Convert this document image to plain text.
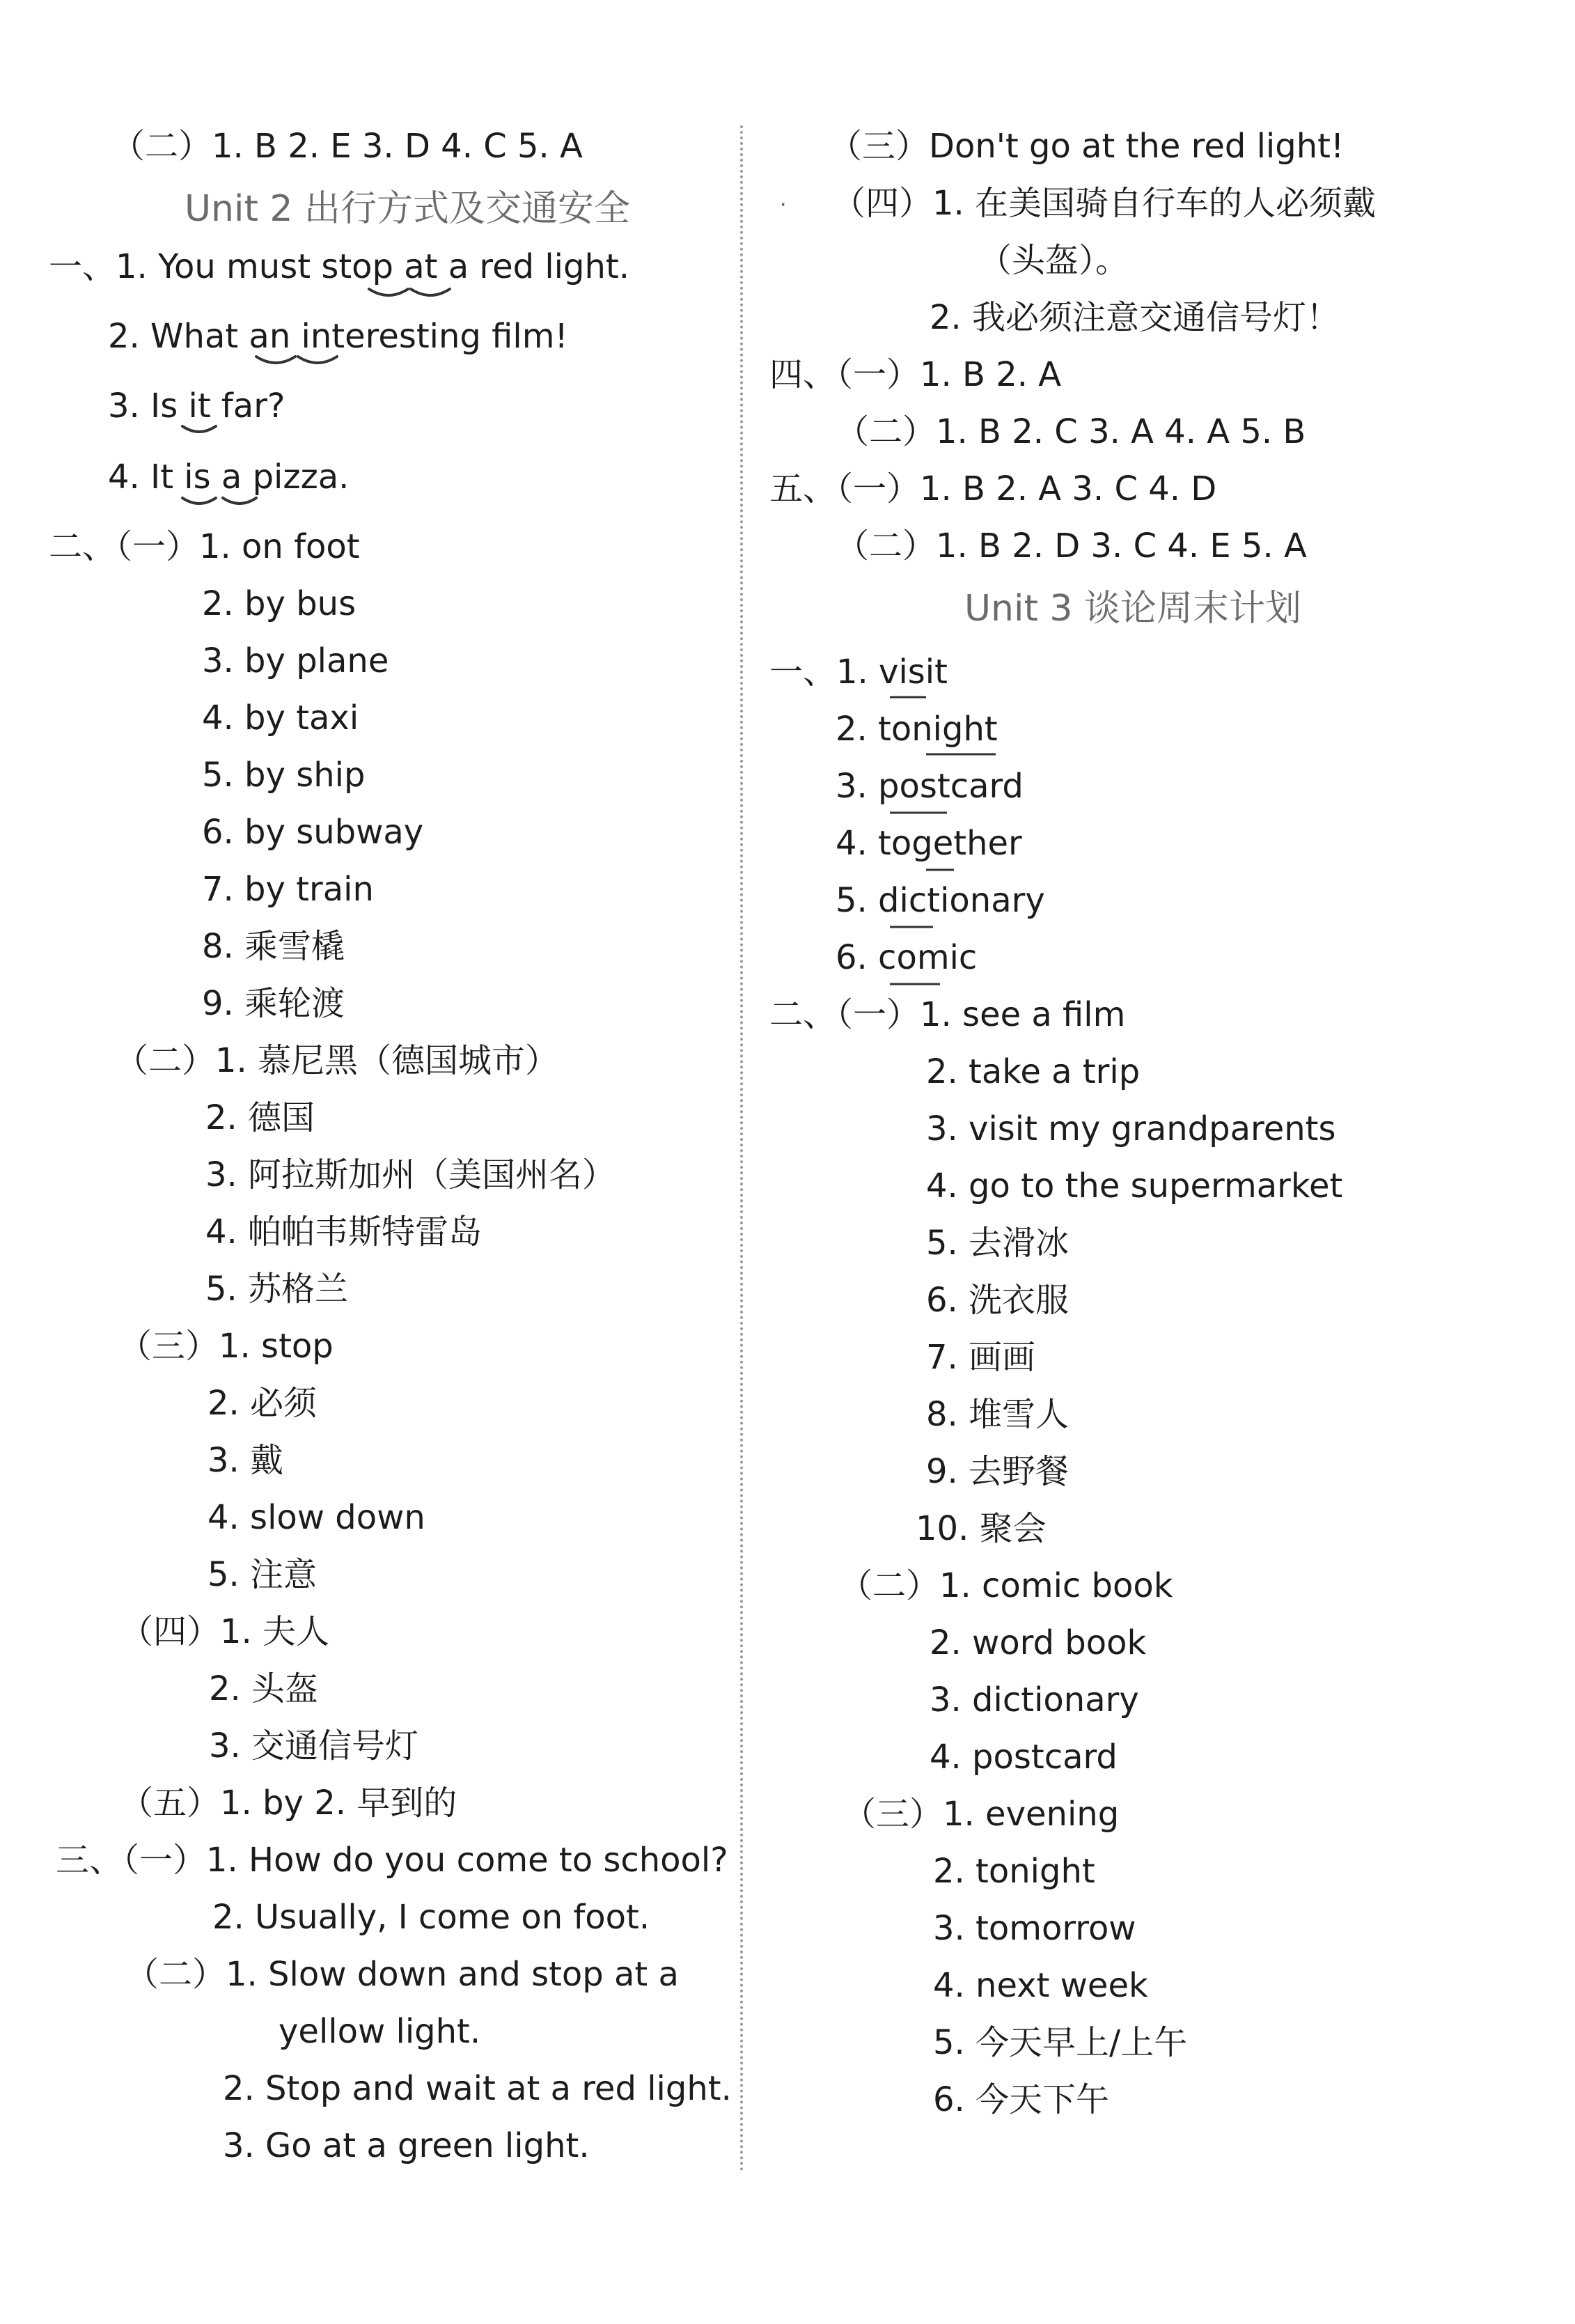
（二）1. B 2. E 3. D 4. C 5. A
Unit 2 出行方式及交通安全
一、1. You must stop at a red light.
2. What an interesting film!
3. Is it far?
4. It is a pizza.
二、（一）1. on foot
2. by bus
3. by plane
4. by taxi
5. by ship
6. by subway
7. by train
8. 乘雪橇
9. 乘轮渡
（二）1. 慕尼黑（德国城市）
2. 德国
3. 阿拉斯加州（美国州名）
4. 帕帕韦斯特雷岛
5. 苏格兰
（三）1. stop
2. 必须
3. 戴
4. slow down
5. 注意
（四）1. 夫人
2. 头盔
3. 交通信号灯
（五）1. by 2. 早到的
三、（一）1. How do you come to school?
2. Usually, I come on foot.
（二）1. Slow down and stop at a
yellow light.
2. Stop and wait at a red light.
3. Go at a green light.
（三）Don't go at the red light!
· （四）1. 在美国骑自行车的人必须戴
（头盔）。
2. 我必须注意交通信号灯！
四、（一）1. B 2. A
（二）1. B 2. C 3. A 4. A 5. B
五、（一）1. B 2. A 3. C 4. D
（二）1. B 2. D 3. C 4. E 5. A
Unit 3 谈论周末计划
一、1. visit
2. tonight
3. postcard
4. together
5. dictionary
6. comic
二、（一）1. see a film
2. take a trip
3. visit my grandparents
4. go to the supermarket
5. 去滑冰
6. 洗衣服
7. 画画
8. 堆雪人
9. 去野餐
10. 聚会
（二）1. comic book
2. word book
3. dictionary
4. postcard
（三）1. evening
2. tonight
3. tomorrow
4. next week
5. 今天早上/上午
6. 今天下午
